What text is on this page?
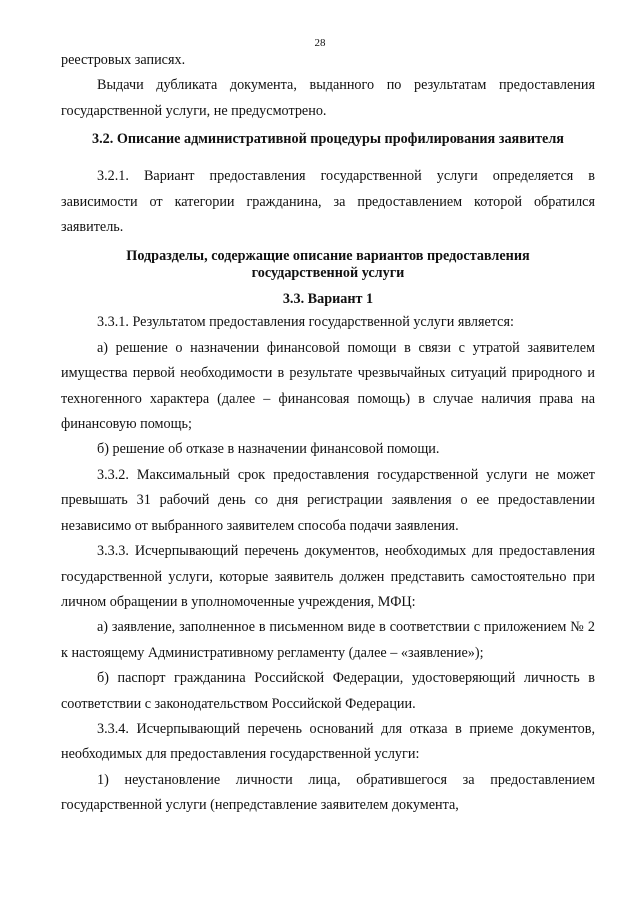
28

реестровых записях.

Выдачи дубликата документа, выданного по результатам предоставления государственной услуги, не предусмотрено.

3.2. Описание административной процедуры профилирования заявителя

3.2.1. Вариант предоставления государственной услуги определяется в зависимости от категории гражданина, за предоставлением которой обратился заявитель.

Подразделы, содержащие описание вариантов предоставления государственной услуги

3.3. Вариант 1

3.3.1. Результатом предоставления государственной услуги является:

а) решение о назначении финансовой помощи в связи с утратой заявителем имущества первой необходимости в результате чрезвычайных ситуаций природного и техногенного характера (далее – финансовая помощь) в случае наличия права на финансовую помощь;

б) решение об отказе в назначении финансовой помощи.

3.3.2. Максимальный срок предоставления государственной услуги не может превышать 31 рабочий день со дня регистрации заявления о ее предоставлении независимо от выбранного заявителем способа подачи заявления.

3.3.3. Исчерпывающий перечень документов, необходимых для предоставления государственной услуги, которые заявитель должен представить самостоятельно при личном обращении в уполномоченные учреждения, МФЦ:

а) заявление, заполненное в письменном виде в соответствии с приложением № 2 к настоящему Административному регламенту (далее – «заявление»);

б) паспорт гражданина Российской Федерации, удостоверяющий личность в соответствии с законодательством Российской Федерации.

3.3.4. Исчерпывающий перечень оснований для отказа в приеме документов, необходимых для предоставления государственной услуги:

1) неустановление личности лица, обратившегося за предоставлением государственной услуги (непредставление заявителем документа,
